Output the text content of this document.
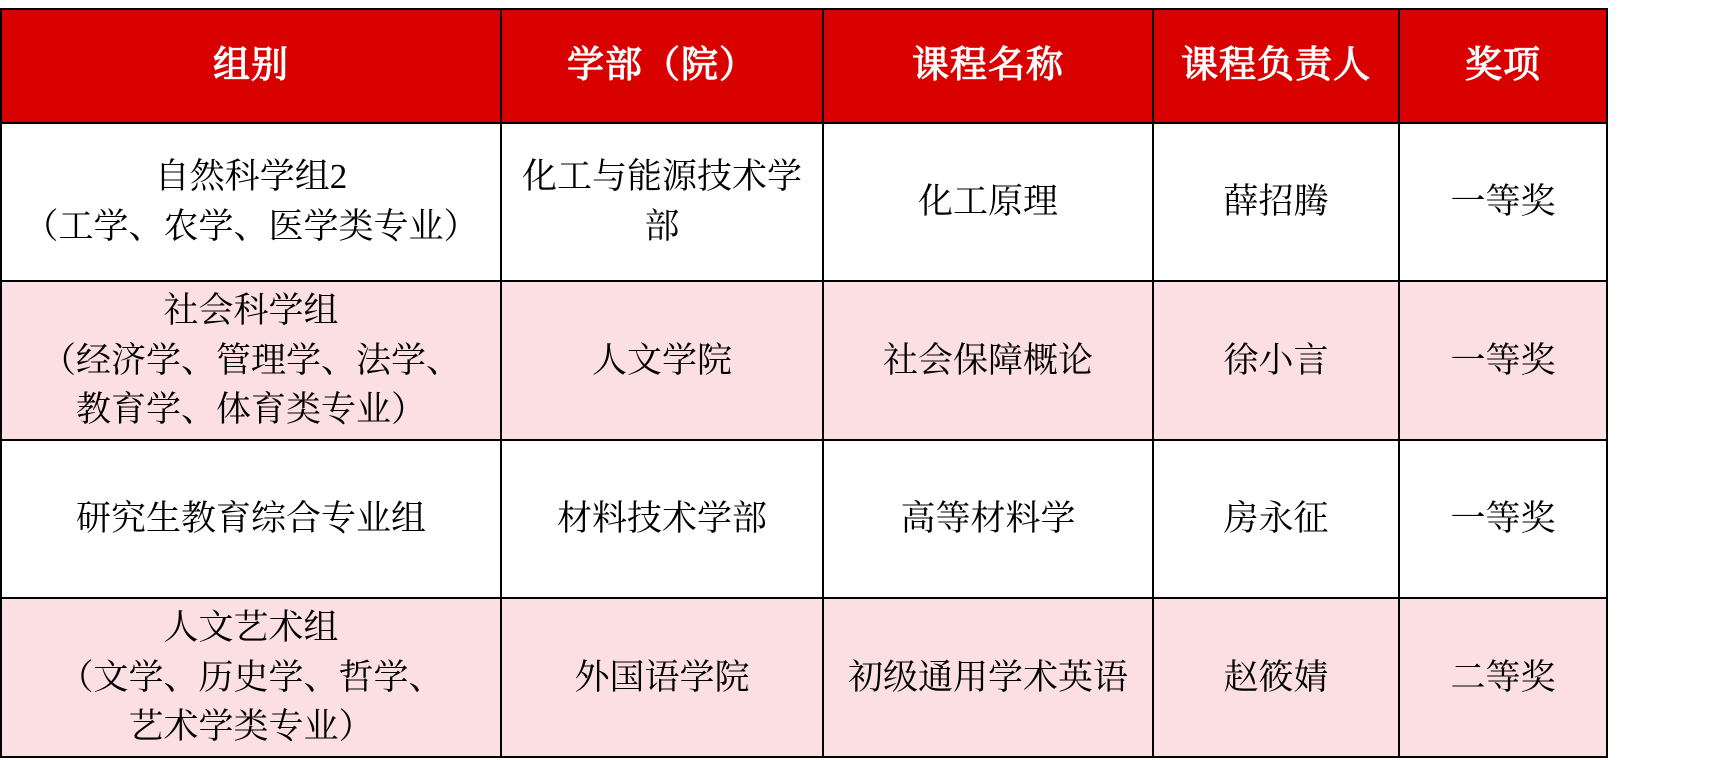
组别	学部（院）	课程名称	课程负责人	奖项

自然科学组2
（工学、农学、医学类专业）	化工与能源技术学部	化工原理	薛招腾	一等奖

社会科学组
（经济学、管理学、法学、
教育学、体育类专业）	人文学院	社会保障概论	徐小言	一等奖

研究生教育综合专业组	材料技术学部	高等材料学	房永征	一等奖

人文艺术组
（文学、历史学、哲学、
艺术学类专业）	外国语学院	初级通用学术英语	赵筱婧	二等奖
